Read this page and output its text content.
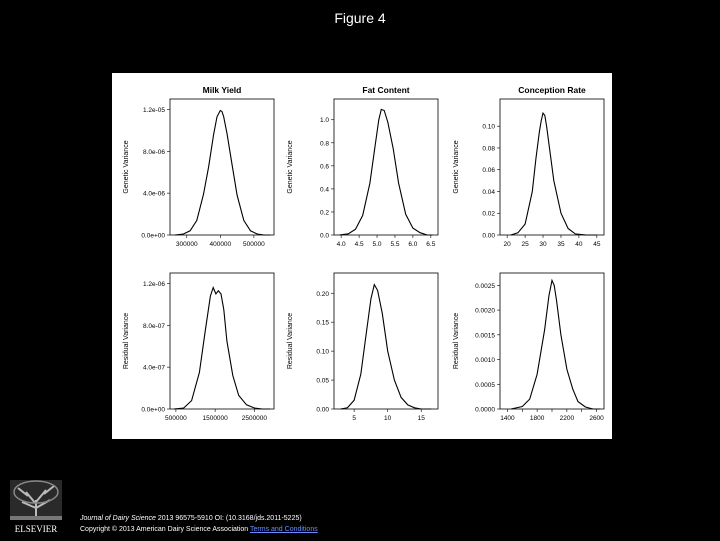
Figure 4
Milk Yield
0.0e+00
4.0e-06
8.0e-06
1.2e-05
300000 400000 500000
Genetic Variance
Fat Content
0.0
0.2
0.4
0.6
0.8
1.0
4.0 4.5 5.0 5.5 6.0 6.5
Genetic Variance
Conception Rate
0.00
0.02
0.04
0.06
0.08
0.10
20 25 30 35 40 45
Genetic Variance
0.0e+00
4.0e-07
8.0e-07
1.2e-06
500000 1500000 2500000
Residual Variance
0.00
0.05
0.10
0.15
0.20
5	10	15
Residual Variance
0.0000
0.0005
0.0010
0.0015
0.0020
0.0025
1400 1800 2200 2600
Residual Variance
ELSEVIER
Journal of Dairy Science 2013 96575-5910 OI: (10.3168/jds.2011-5225)
Copyright © 2013 American Dairy Science Association Terms and Conditions
